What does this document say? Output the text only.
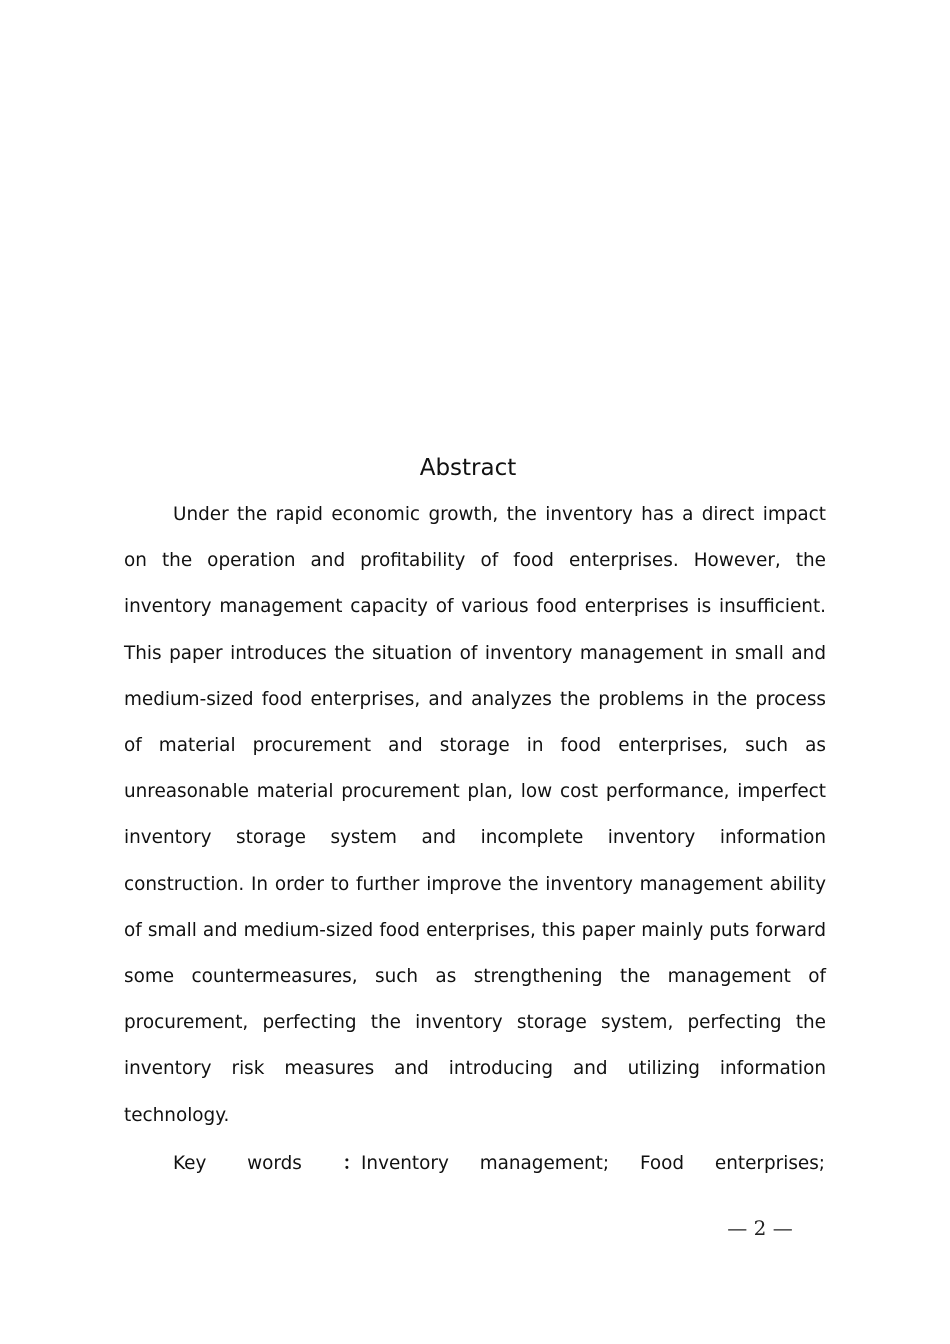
Abstract

Under the rapid economic growth, the inventory has a direct impact on the operation and profitability of food enterprises. However, the inventory management capacity of various food enterprises is insufficient. This paper introduces the situation of inventory management in small and medium-sized food enterprises, and analyzes the problems in the process of material procurement and storage in food enterprises, such as unreasonable material procurement plan, low cost performance, imperfect inventory storage system and incomplete inventory information construction. In order to further improve the inventory management ability of small and medium-sized food enterprises, this paper mainly puts forward some countermeasures, such as strengthening the management of procurement, perfecting the inventory storage system, perfecting the inventory risk measures and introducing and utilizing information technology.

Key words ：Inventory management; Food enterprises;

— 2 —
